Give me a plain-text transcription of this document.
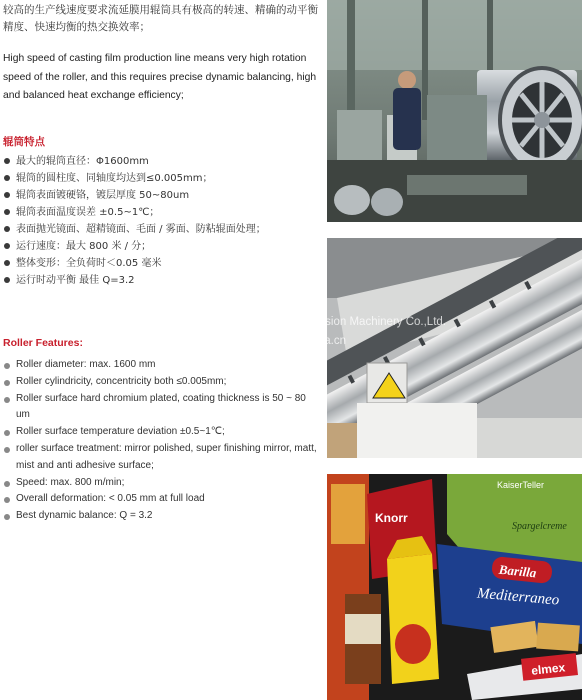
较高的生产线速度要求流延膜用辊筒具有极高的转速、精确的动平衡精度、快速均衡的热交换效率；
High speed of casting film production line means very high rotation speed of the roller, and this requires precise dynamic balancing, high and balanced heat exchange efficiency;
辊筒特点
最大的辊筒直径：Φ1600mm
辊筒的圆柱度、同轴度均达到≤0.005mm；
辊筒表面镀硬铬，镀层厚度 50~80um
辊筒表面温度误差 ±0.5~1℃；
表面抛光镜面、超精镜面、毛面 / 雾面、防粘辊面处理；
运行速度：最大 800 米 / 分；
整体变形：全负荷时＜0.05 毫米
运行时动平衡 最佳 Q=3.2
Roller Features:
Roller diameter: max. 1600 mm
Roller cylindricity, concentricity both ≤0.005mm;
Roller surface hard chromium plated, coating thickness is 50 ~ 80 um
Roller surface temperature deviation ±0.5~1℃;
roller surface treatment: mirror polished, super finishing mirror, matt, mist and anti adhesive surface;
Speed: max. 800 m/min;
Overall deformation: < 0.05 mm at full load
Best dynamic balance: Q = 3.2	Knorr
KaiserTeller
Spargelcreme
Barilla
Mediterraneo
elmex
Suzhou Jwell Precision Machinery Co.,Ltd.
https://jwell1688.en.china.cn
